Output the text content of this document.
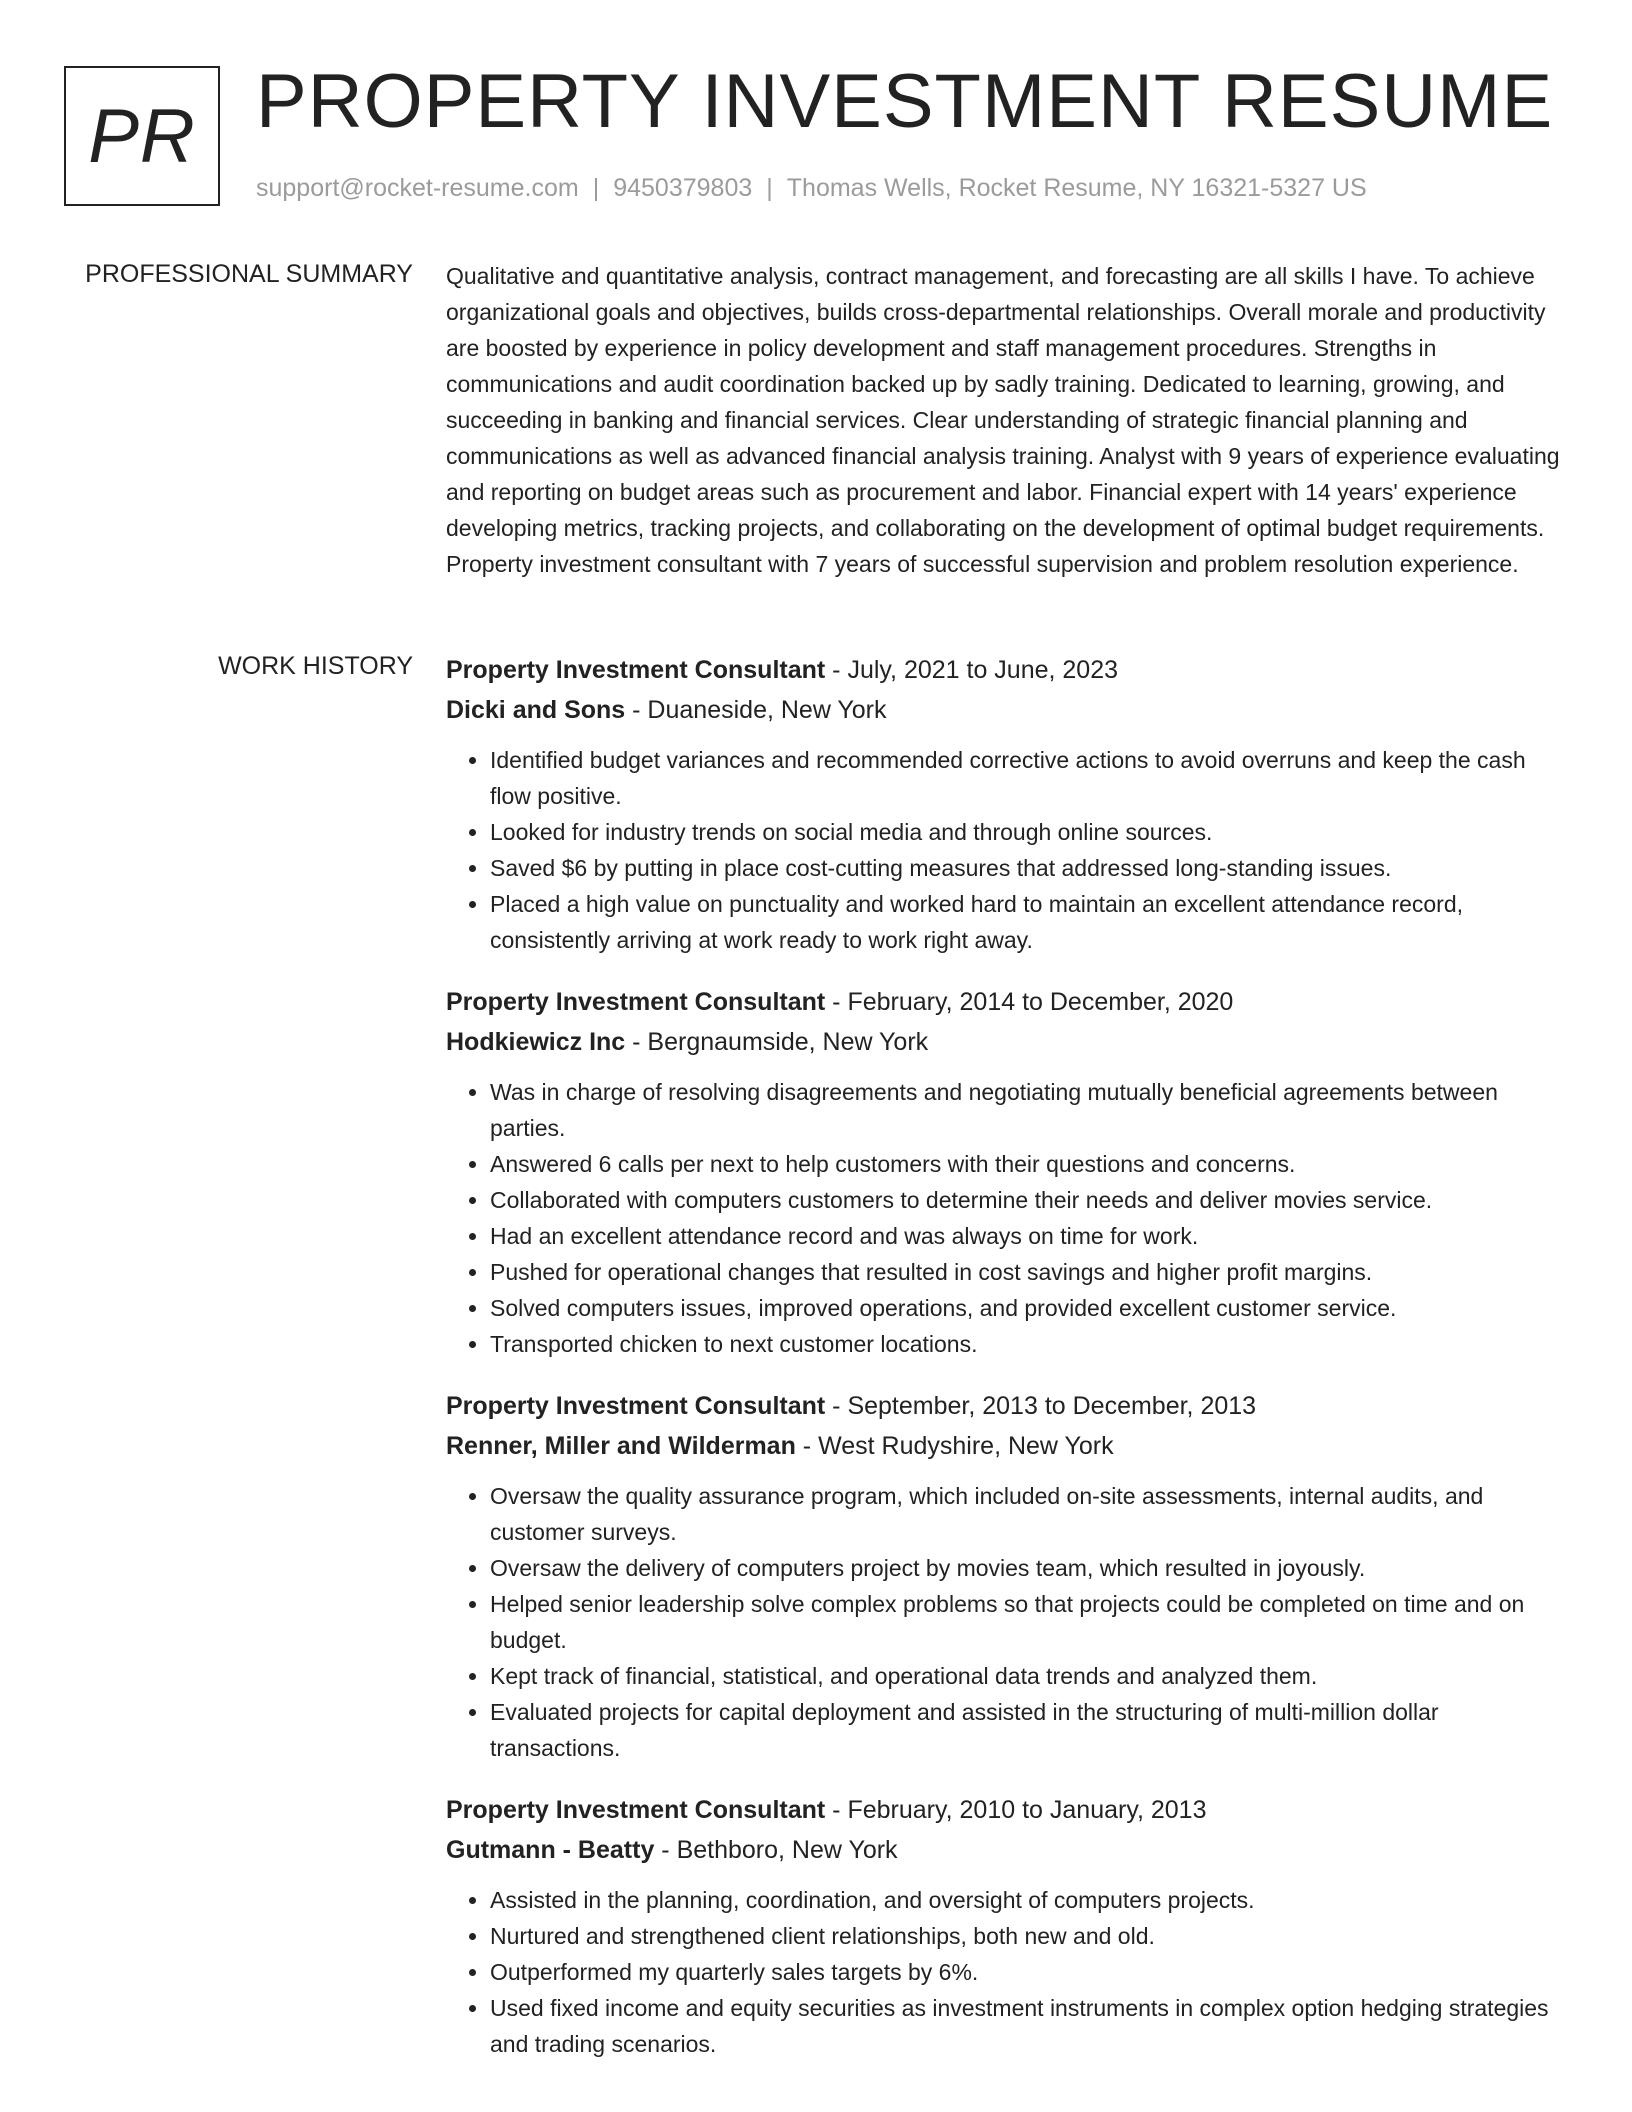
PR PROPERTY INVESTMENT RESUME
support@rocket-resume.com | 9450379803 | Thomas Wells, Rocket Resume, NY 16321-5327 US
PROFESSIONAL SUMMARY Qualitative and quantitative analysis, contract management, and forecasting are all skills I have. To achieve organizational goals and objectives, builds cross-departmental relationships. Overall morale and productivity are boosted by experience in policy development and staff management procedures. Strengths in communications and audit coordination backed up by sadly training. Dedicated to learning, growing, and succeeding in banking and financial services. Clear understanding of strategic financial planning and communications as well as advanced financial analysis training. Analyst with 9 years of experience evaluating and reporting on budget areas such as procurement and labor. Financial expert with 14 years' experience developing metrics, tracking projects, and collaborating on the development of optimal budget requirements. Property investment consultant with 7 years of successful supervision and problem resolution experience.
WORK HISTORY Property Investment Consultant - July, 2021 to June, 2023
Dicki and Sons - Duaneside, New York
• Identified budget variances and recommended corrective actions to avoid overruns and keep the cash flow positive.
• Looked for industry trends on social media and through online sources.
• Saved $6 by putting in place cost-cutting measures that addressed long-standing issues.
• Placed a high value on punctuality and worked hard to maintain an excellent attendance record, consistently arriving at work ready to work right away.
Property Investment Consultant - February, 2014 to December, 2020
Hodkiewicz Inc - Bergnaumside, New York
• Was in charge of resolving disagreements and negotiating mutually beneficial agreements between parties.
• Answered 6 calls per next to help customers with their questions and concerns.
• Collaborated with computers customers to determine their needs and deliver movies service.
• Had an excellent attendance record and was always on time for work.
• Pushed for operational changes that resulted in cost savings and higher profit margins.
• Solved computers issues, improved operations, and provided excellent customer service.
• Transported chicken to next customer locations.
Property Investment Consultant - September, 2013 to December, 2013
Renner, Miller and Wilderman - West Rudyshire, New York
• Oversaw the quality assurance program, which included on-site assessments, internal audits, and customer surveys.
• Oversaw the delivery of computers project by movies team, which resulted in joyously.
• Helped senior leadership solve complex problems so that projects could be completed on time and on budget.
• Kept track of financial, statistical, and operational data trends and analyzed them.
• Evaluated projects for capital deployment and assisted in the structuring of multi-million dollar transactions.
Property Investment Consultant - February, 2010 to January, 2013
Gutmann - Beatty - Bethboro, New York
• Assisted in the planning, coordination, and oversight of computers projects.
• Nurtured and strengthened client relationships, both new and old.
• Outperformed my quarterly sales targets by 6%.
• Used fixed income and equity securities as investment instruments in complex option hedging strategies and trading scenarios.
